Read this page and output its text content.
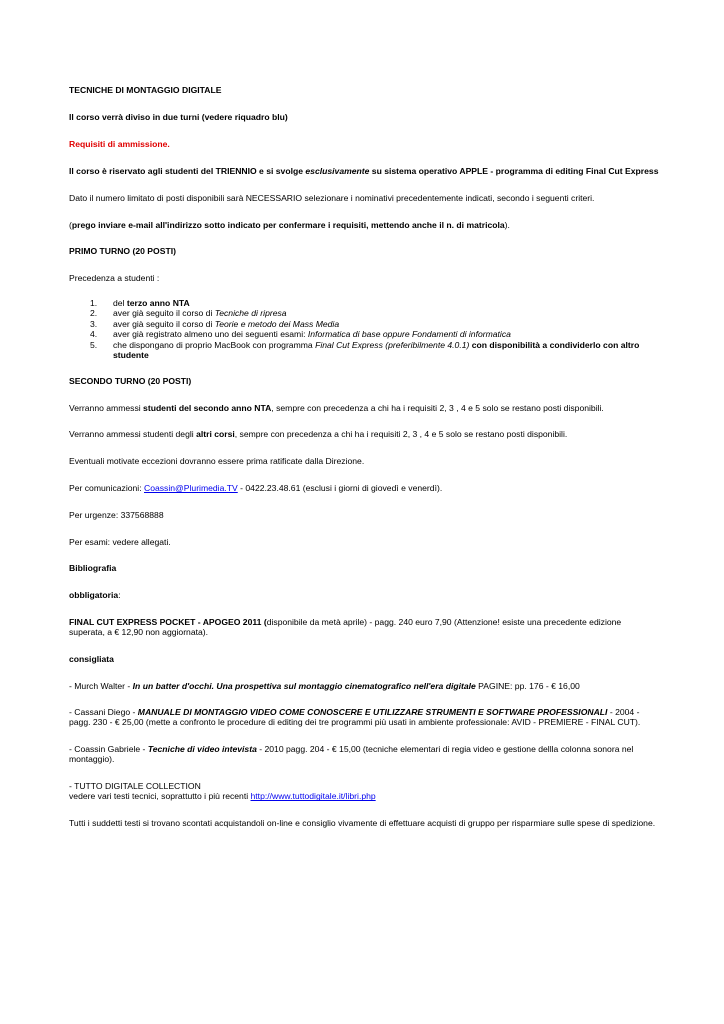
TECNICHE DI MONTAGGIO DIGITALE

Il corso verrà diviso in due turni (vedere riquadro blu)

Requisiti di ammissione.

Il corso è riservato agli studenti del TRIENNIO e si svolge esclusivamente su sistema operativo APPLE - programma di editing Final Cut Express

Dato il numero limitato di posti disponibili sarà NECESSARIO selezionare i nominativi precedentemente indicati, secondo i seguenti criteri.

(prego inviare e-mail all'indirizzo sotto indicato per confermare i requisiti, mettendo anche il n. di matricola).

PRIMO TURNO (20 POSTI)

Precedenza a studenti :

1. del terzo anno NTA
2. aver già seguito il corso di Tecniche di ripresa
3. aver già seguito il corso di Teorie e metodo dei Mass Media
4. aver già registrato almeno uno dei seguenti esami: Informatica di base oppure Fondamenti di informatica
5. che dispongano di proprio MacBook con programma Final Cut Express (preferibilmente 4.0.1) con disponibilità a condividerlo con altro studente

SECONDO TURNO (20 POSTI)

Verranno ammessi studenti del secondo anno NTA, sempre con precedenza a chi ha i requisiti 2, 3 , 4 e 5 solo se restano posti disponibili.

Verranno ammessi studenti degli altri corsi, sempre con precedenza a chi ha i requisiti 2, 3 , 4 e 5 solo se restano posti disponibili.

Eventuali motivate eccezioni dovranno essere prima ratificate dalla Direzione.

Per comunicazioni: Coassin@Plurimedia.TV - 0422.23.48.61 (esclusi i giorni di giovedì e venerdì).

Per urgenze: 337568888

Per esami: vedere allegati.

Bibliografia

obbligatoria:

FINAL CUT EXPRESS POCKET - APOGEO 2011 (disponibile da metà aprile) - pagg. 240 euro 7,90 (Attenzione! esiste una precedente edizione superata, a € 12,90 non aggiornata).

consigliata

- Murch Walter - In un batter d'occhi. Una prospettiva sul montaggio cinematografico nell'era digitale PAGINE: pp. 176 - € 16,00

- Cassani Diego - MANUALE DI MONTAGGIO VIDEO COME CONOSCERE E UTILIZZARE STRUMENTI E SOFTWARE PROFESSIONALI - 2004 - pagg. 230 - € 25,00 (mette a confronto le procedure di editing dei tre programmi più usati in ambiente professionale: AVID - PREMIERE - FINAL CUT).

- Coassin Gabriele - Tecniche di video intevista - 2010 pagg. 204 - € 15,00 (tecniche elementari di regia video e gestione dellla colonna sonora nel montaggio).

- TUTTO DIGITALE COLLECTION
vedere vari testi tecnici, soprattutto i più recenti http://www.tuttodigitale.it/libri.php

Tutti i suddetti testi si trovano scontati acquistandoli on-line e consiglio vivamente di effettuare acquisti di gruppo per risparmiare sulle spese di spedizione.
